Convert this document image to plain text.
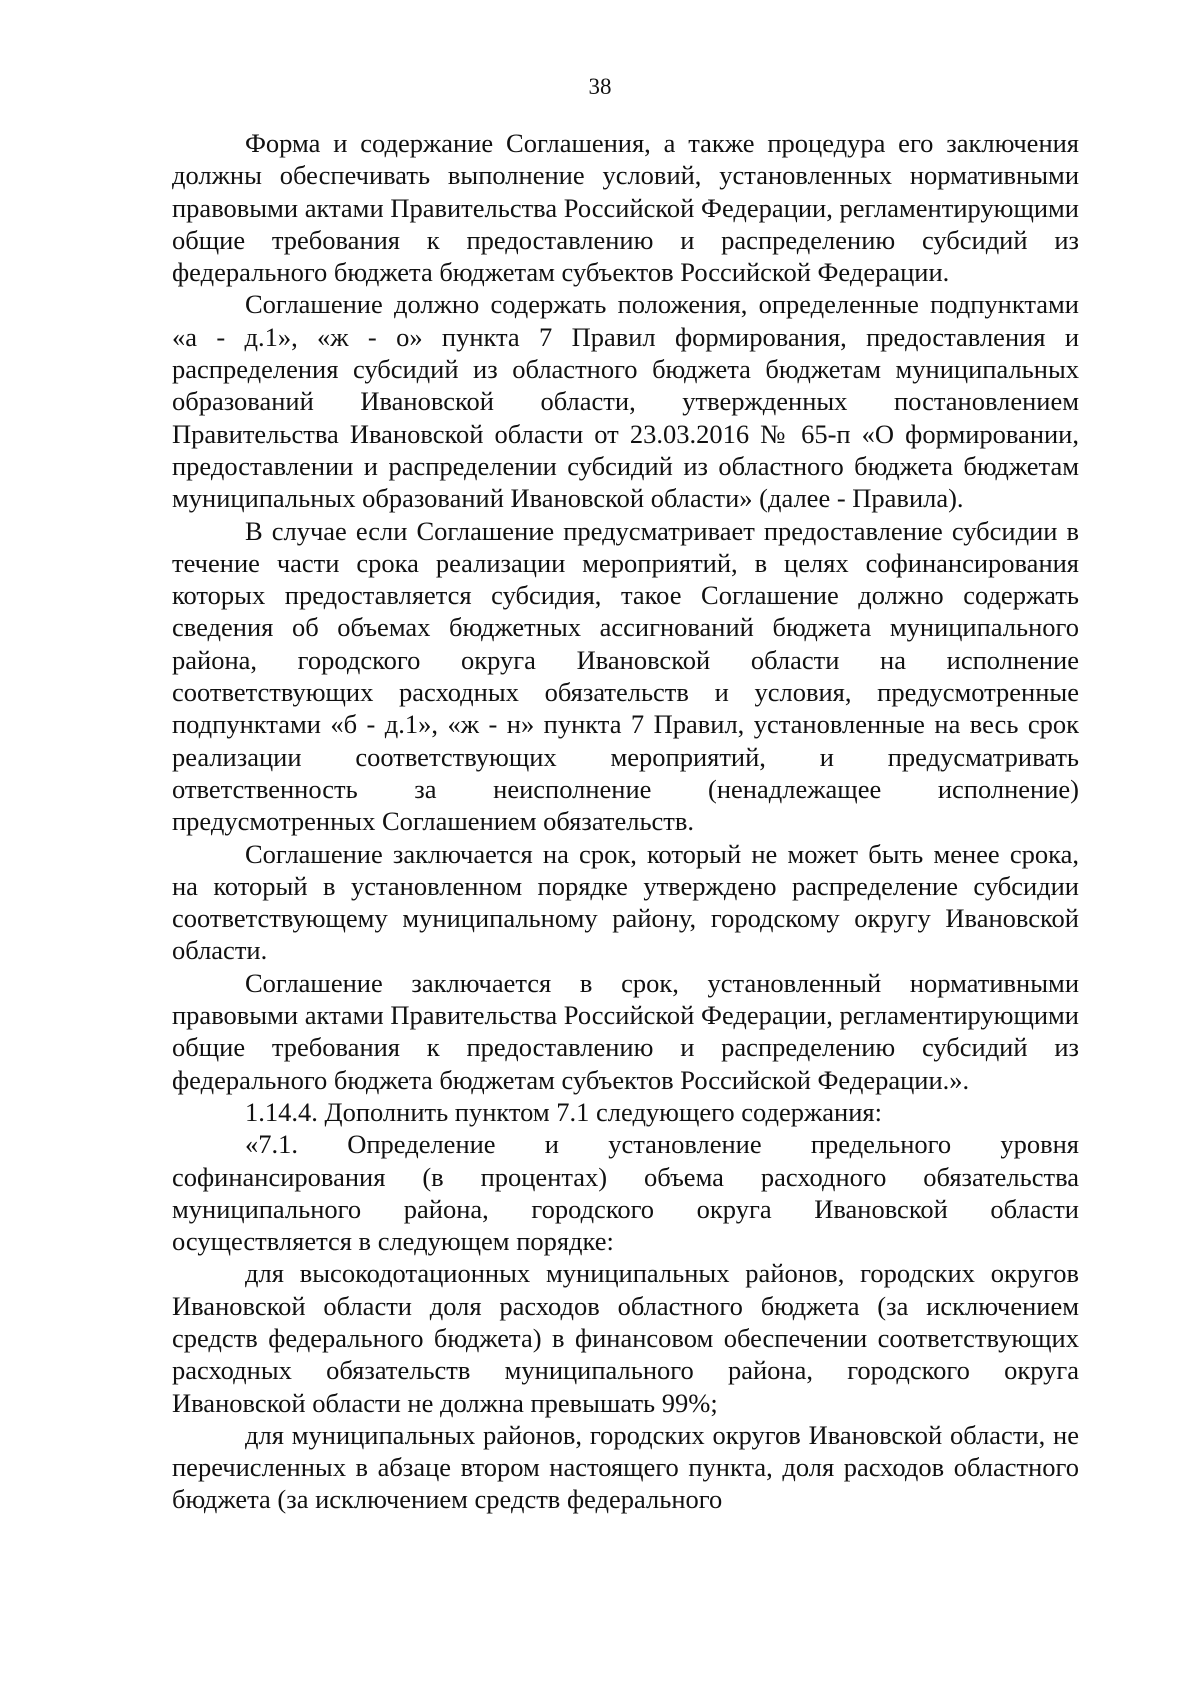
38

Форма и содержание Соглашения, а также процедура его заключения должны обеспечивать выполнение условий, установленных нормативными правовыми актами Правительства Российской Федерации, регламентирующими общие требования к предоставлению и распределению субсидий из федерального бюджета бюджетам субъектов Российской Федерации.

Соглашение должно содержать положения, определенные подпунктами «а - д.1», «ж - о» пункта 7 Правил формирования, предоставления и распределения субсидий из областного бюджета бюджетам муниципальных образований Ивановской области, утвержденных постановлением Правительства Ивановской области от 23.03.2016 № 65-п «О формировании, предоставлении и распределении субсидий из областного бюджета бюджетам муниципальных образований Ивановской области» (далее - Правила).

В случае если Соглашение предусматривает предоставление субсидии в течение части срока реализации мероприятий, в целях софинансирования которых предоставляется субсидия, такое Соглашение должно содержать сведения об объемах бюджетных ассигнований бюджета муниципального района, городского округа Ивановской области на исполнение соответствующих расходных обязательств и условия, предусмотренные подпунктами «б - д.1», «ж - н» пункта 7 Правил, установленные на весь срок реализации соответствующих мероприятий, и предусматривать ответственность за неисполнение (ненадлежащее исполнение) предусмотренных Соглашением обязательств.

Соглашение заключается на срок, который не может быть менее срока, на который в установленном порядке утверждено распределение субсидии соответствующему муниципальному району, городскому округу Ивановской области.

Соглашение заключается в срок, установленный нормативными правовыми актами Правительства Российской Федерации, регламентирующими общие требования к предоставлению и распределению субсидий из федерального бюджета бюджетам субъектов Российской Федерации.».

1.14.4. Дополнить пунктом 7.1 следующего содержания:

«7.1. Определение и установление предельного уровня софинансирования (в процентах) объема расходного обязательства муниципального района, городского округа Ивановской области осуществляется в следующем порядке:

для высокодотационных муниципальных районов, городских округов Ивановской области доля расходов областного бюджета (за исключением средств федерального бюджета) в финансовом обеспечении соответствующих расходных обязательств муниципального района, городского округа Ивановской области не должна превышать 99%;

для муниципальных районов, городских округов Ивановской области, не перечисленных в абзаце втором настоящего пункта, доля расходов областного бюджета (за исключением средств федерального
